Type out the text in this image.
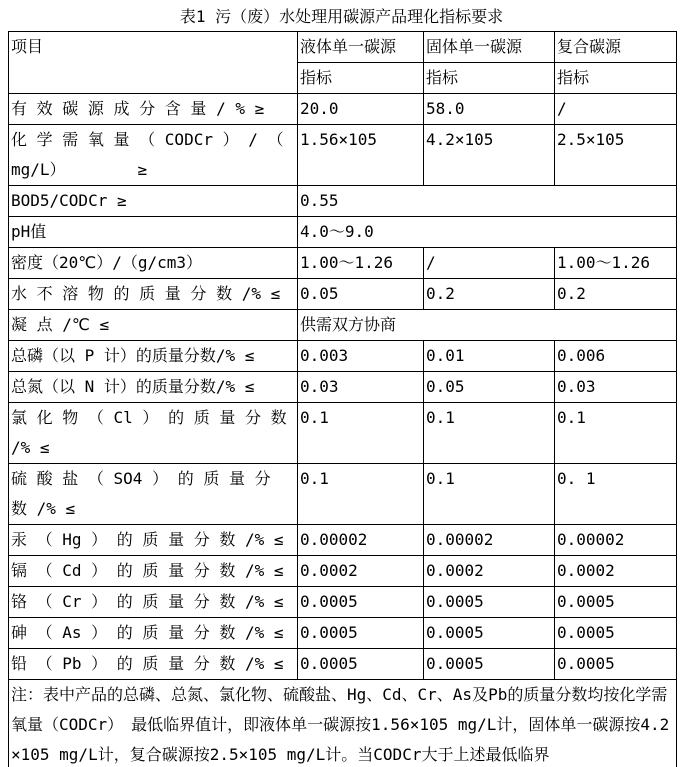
表1 污（废）水处理用碳源产品理化指标要求
项目	液体单一碳源	固体单一碳源	复合碳源
	指标	指标	指标
有 效 碳 源 成 分 含 量 / % ≥	20.0	58.0	/
化 学 需 氧 量 （ CODCr ） / （ mg/L）　　　　　≥	1.56×105	4.2×105	2.5×105
BOD5/CODCr ≥	0.55		
pH值	4.0～9.0		
密度（20℃）/（g/cm3）	1.00～1.26	/	1.00～1.26
水 不 溶 物 的 质 量 分 数 /% ≤	0.05	0.2	0.2
凝 点 /℃ ≤	供需双方协商		
总磷（以 P 计）的质量分数/% ≤	0.003	0.01	0.006
总氮（以 N 计）的质量分数/% ≤	0.03	0.05	0.03
氯 化 物 （ Cl ） 的 质 量 分 数 /% ≤	0.1	0.1	0.1
硫 酸 盐 （ SO4 ） 的 质 量 分 数 /% ≤	0.1	0.1	0. 1
汞 （ Hg ） 的 质 量 分 数 /% ≤	0.00002	0.00002	0.00002
镉 （ Cd ） 的 质 量 分 数 /% ≤	0.0002	0.0002	0.0002
铬 （ Cr ） 的 质 量 分 数 /% ≤	0.0005	0.0005	0.0005
砷 （ As ） 的 质 量 分 数 /% ≤	0.0005	0.0005	0.0005
铅 （ Pb ） 的 质 量 分 数 /% ≤	0.0005	0.0005	0.0005
注：表中产品的总磷、总氮、氯化物、硫酸盐、Hg、Cd、Cr、As及Pb的质量分数均按化学需氧量（CODCr）　最低临界值计，即液体单一碳源按1.56×105 mg/L计，固体单一碳源按4.2×105 mg/L计，复合碳源按2.5×105 mg/L计。当CODCr大于上述最低临界			
